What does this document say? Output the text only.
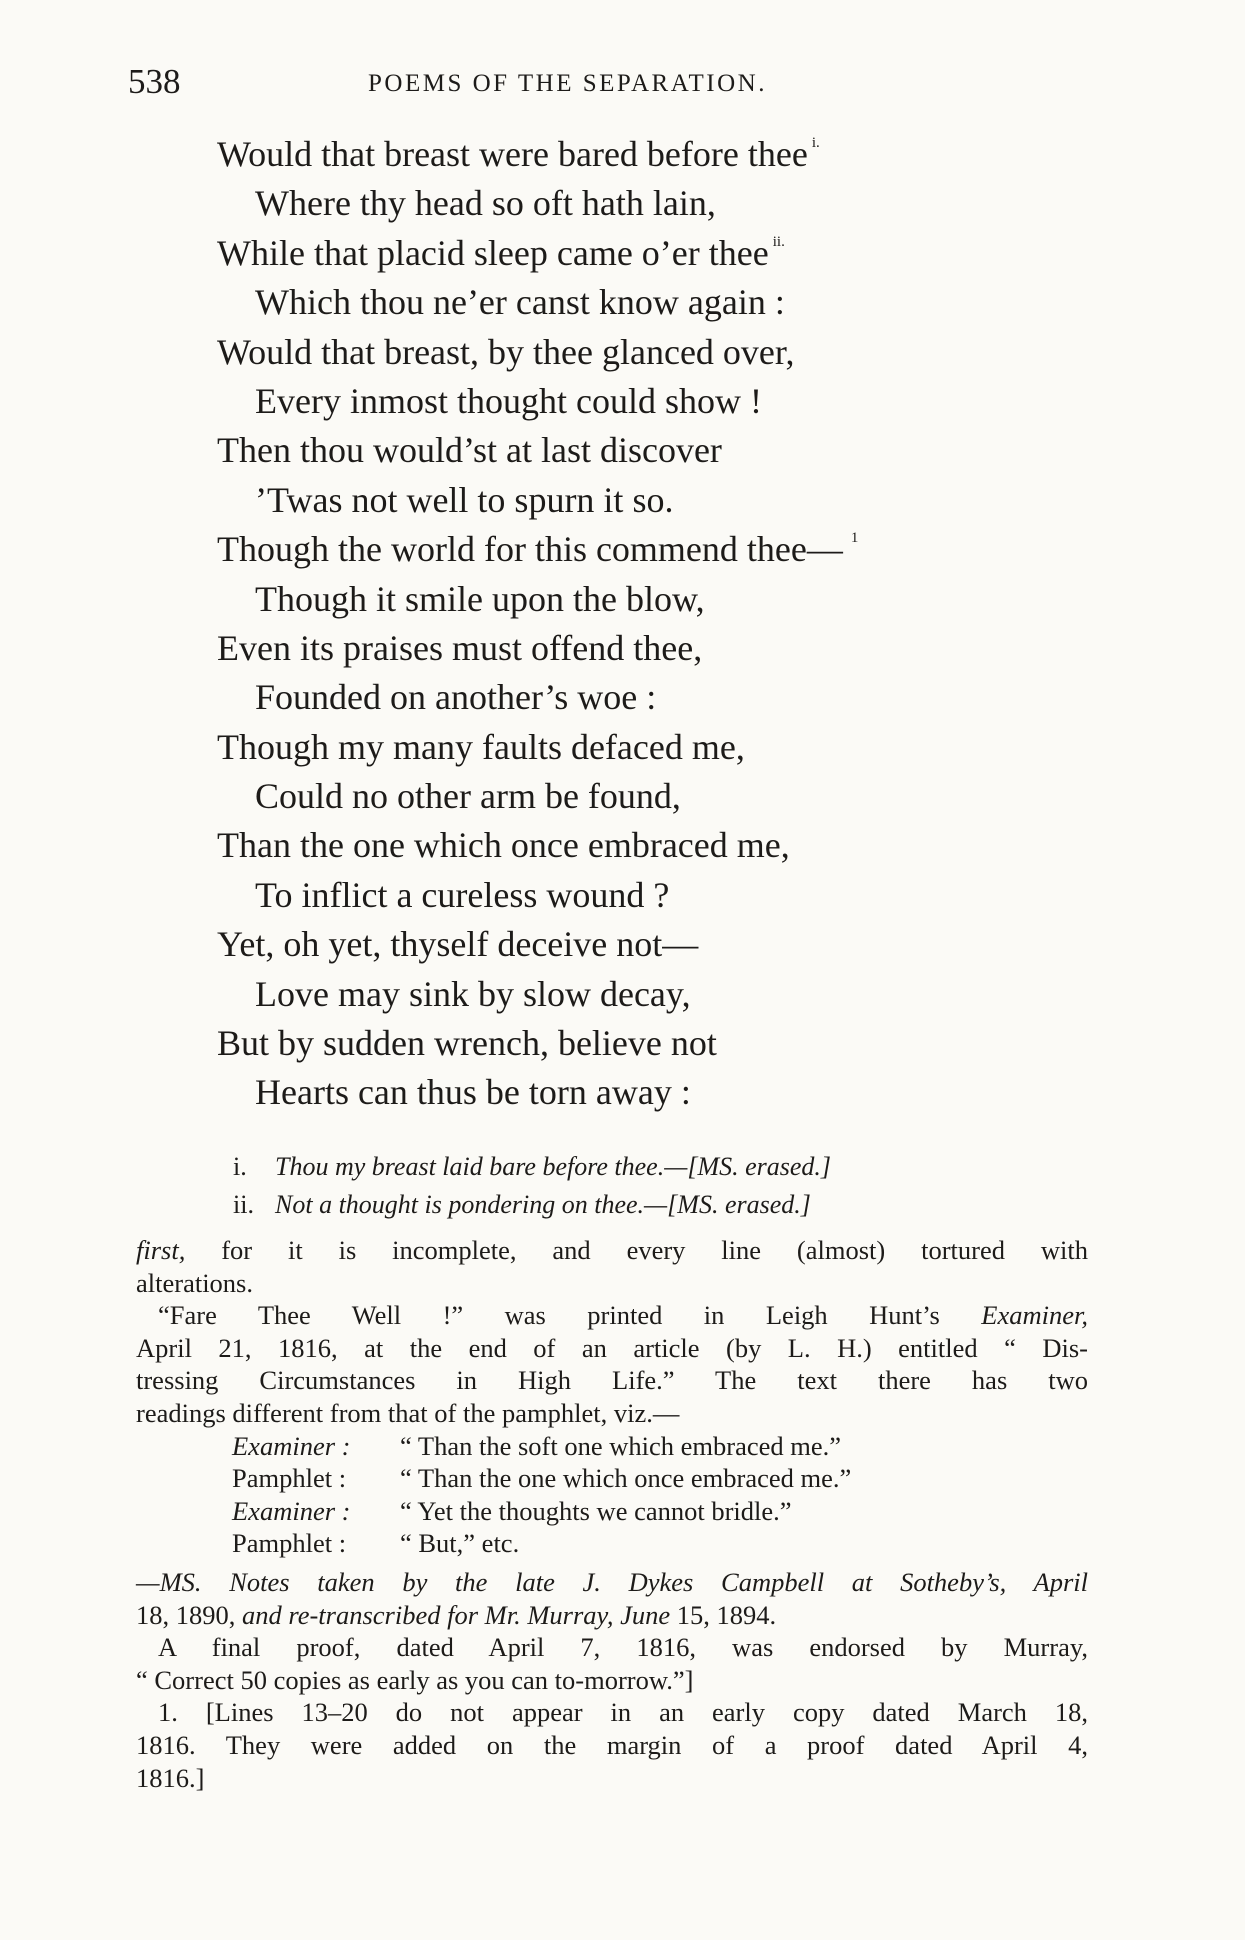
538	POEMS OF THE SEPARATION.
Would that breast were bared before thee $^{i.}$
Where thy head so oft hath lain,
While that placid sleep came o’er thee $^{ii.}$
Which thou ne’er canst know again :
Would that breast, by thee glanced over,
Every inmost thought could show !
Then thou would’st at last discover
’Twas not well to spurn it so.
Though the world for this commend thee— $^1$
Though it smile upon the blow,
Even its praises must offend thee,
Founded on another’s woe :
Though my many faults defaced me,
Could no other arm be found,
Than the one which once embraced me,
To inflict a cureless wound ?
Yet, oh yet, thyself deceive not—
Love may sink by slow decay,
But by sudden wrench, believe not
Hearts can thus be torn away :
i. Thou my breast laid bare before thee.—[MS. erased.]
ii. Not a thought is pondering on thee.—[MS. erased.]
first, for it is incomplete, and every line (almost) tortured with
alterations.
“Fare Thee Well !” was printed in Leigh Hunt’s Examiner,
April 21, 1816, at the end of an article (by L. H.) entitled “ Dis-
tressing Circumstances in High Life.” The text there has two
readings different from that of the pamphlet, viz.—
Examiner : “ Than the soft one which embraced me.”
Pamphlet : “ Than the one which once embraced me.”
Examiner : “ Yet the thoughts we cannot bridle.”
Pamphlet : “ But,” etc.
—MS. Notes taken by the late J. Dykes Campbell at Sotheby’s, April
18, 1890, and re-transcribed for Mr. Murray, June 15, 1894.
A final proof, dated April 7, 1816, was endorsed by Murray,
“ Correct 50 copies as early as you can to-morrow.”]
1. [Lines 13–20 do not appear in an early copy dated March 18,
1816. They were added on the margin of a proof dated April 4,
1816.]
